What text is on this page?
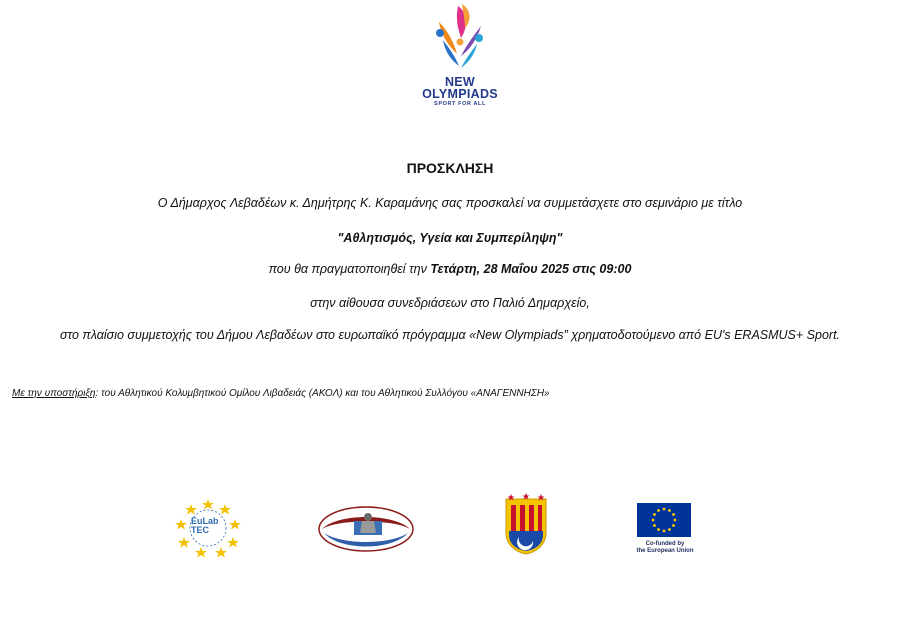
NEW
OLYMPIADS
SPORT FOR ALL
ΠΡΟΣΚΛΗΣΗ
Ο Δήμαρχος Λεβαδέων κ. Δημήτρης Κ. Καραμάνης σας προσκαλεί να συμμετάσχετε στο σεμινάριο με τίτλο
"Αθλητισμός, Υγεία και Συμπερίληψη"
που θα πραγματοποιηθεί την Τετάρτη, 28 Μαΐου 2025 στις 09:00
στην αίθουσα συνεδριάσεων στο Παλιό Δημαρχείο,
στο πλαίσιο συμμετοχής του Δήμου Λεβαδέων στο ευρωπαϊκό πρόγραμμα «New Olympiads” χρηματοδοτούμενο από EU's ERASMUS+ Sport.
Με την υποστήριξη: του Αθλητικού Κολυμβητικού Ομίλου Λιβαδειάς (ΑΚΟΛ) και του Αθλητικού Συλλόγου «ΑΝΑΓΕΝΝΗΣΗ»
EuLab
TEC
Co-funded by
the European Union
